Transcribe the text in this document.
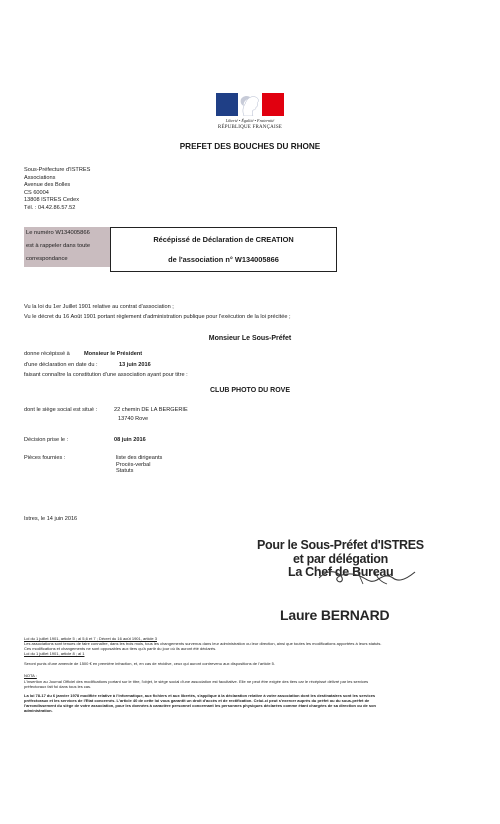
Liberté • Égalité • Fraternité
RÉPUBLIQUE FRANÇAISE
PREFET DES BOUCHES DU RHONE
Sous-Préfecture d'ISTRES
Associations
Avenue des Bolles
CS 60004
13808 ISTRES Cedex
Tél. : 04.42.86.57.52
Le numéro W134005866
est à rappeler dans toute
correspondance
Récépissé de Déclaration de CREATION
de l'association n° W134005866
Vu la loi du 1er Juillet 1901 relative au contrat d'association ;
Vu le décret du 16 Août 1901 portant règlement d'administration publique pour l'exécution de la loi précitée ;
Monsieur Le Sous-Préfet
donne récépissé à	Monsieur le Président
d'une déclaration en date du :	13 juin 2016
faisant connaître la constitution d'une association ayant pour titre :
CLUB PHOTO DU ROVE
dont le siège social est situé :	22 chemin DE LA BERGERIE
13740 Rove
Décision prise le :	08 juin 2016
Pièces fournies :	liste des dirigeants
Procès-verbal
Statuts
Istres, le 14 juin 2016
Pour le Sous-Préfet d'ISTRES
et par délégation
La Chef de Bureau
Laure BERNARD
Loi du 1 juillet 1901, article 5 ; al 5,6 et 7 ; Décret du 16 août 1901, article 3
Les associations sont tenues de faire connaître, dans les trois mois, tous les changements survenus dans leur administration ou leur direction, ainsi que toutes les modifications apportées à leurs statuts.
Ces modifications et changements ne sont opposables aux tiers qu'à partir du jour où ils auront été déclarés.
Loi du 1 juillet 1901, article 8 ; al 1
Seront punis d'une amende de 1500 € en première infraction, et, en cas de récidive, ceux qui auront contrevenu aux dispositions de l'article 5.
NOTA :
L'insertion au Journal Officiel des modifications portant sur le titre, l'objet, le siège social d'une association est facultative. Elle ne peut être exigée des tiers car le récépissé délivré par les services
préfectoraux fait foi dans tous les cas.
La loi 78-17 du 6 janvier 1978 modifiée relative à l'informatique, aux fichiers et aux libertés, s'applique à la déclaration relative à votre association dont les destinataires sont les services
préfectoraux et les services de l'Etat concernés. L'article 40 de cette loi vous garantit un droit d'accès et de rectification. Celui-ci peut s'exercer auprès du préfet ou du sous-préfet de
l'arrondissement du siège de votre association, pour les données à caractère personnel concernant les personnes physiques déclarées comme étant chargées de sa direction ou de son
administration.
